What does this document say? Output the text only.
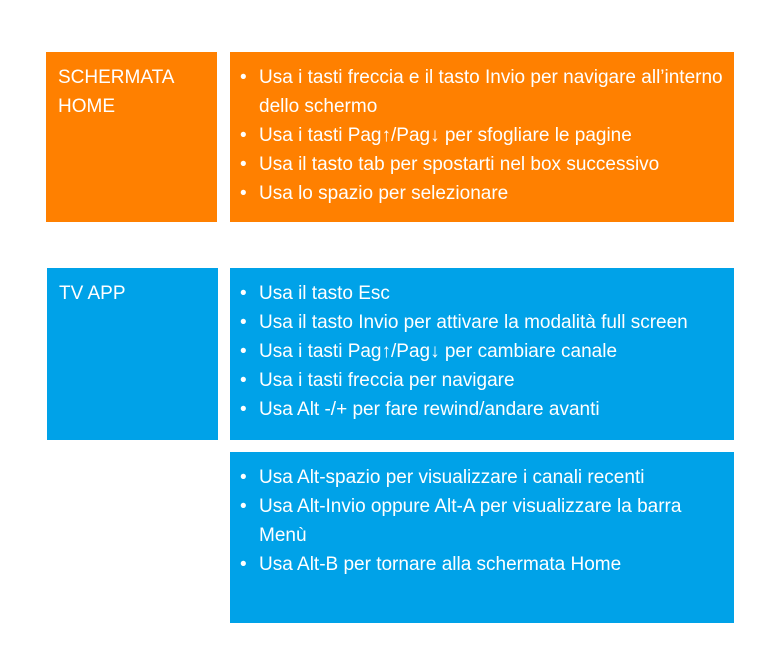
SCHERMATA
HOME
• Usa i tasti freccia e il tasto Invio per navigare all’interno dello schermo
• Usa i tasti Pag↑/Pag↓ per sfogliare le pagine
• Usa il tasto tab per spostarti nel box successivo
• Usa lo spazio per selezionare
TV APP
•	Usa il tasto Esc
• Usa il tasto Invio per attivare la modalità full screen
• Usa i tasti Pag↑/Pag↓ per cambiare canale
• Usa i tasti freccia per navigare
• Usa Alt -/+ per fare rewind/andare avanti
• Usa Alt-spazio per visualizzare i canali recenti
• Usa Alt-Invio oppure Alt-A per visualizzare la barra Menù
• Usa Alt-B per tornare alla schermata Home
